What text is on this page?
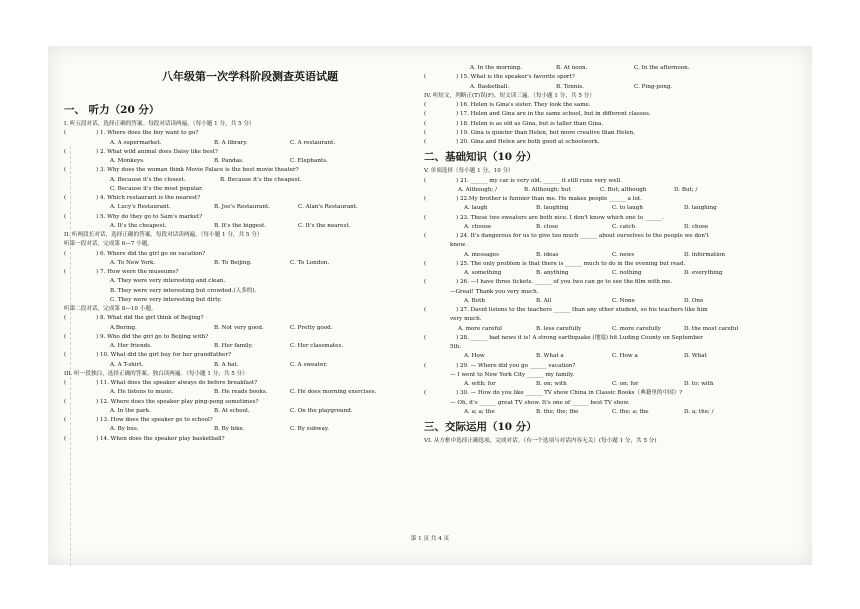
八年级第一次学科阶段测查英语试题
一、 听力（20 分）
I. 听五段对话，选择正确的答案。每段对话读两遍。（每小题 1 分，共 5 分）
(	) 1. Where does the boy want to go?
A. A supermarket.	B. A library.	C. A restaurant.
(	) 2. What wild animal does Daisy like best?
A. Monkeys.	B. Pandas.	C. Elephants.
(	) 3. Why does the woman think Movie Palace is the best movie theater?
A. Because it's the closest.	B. Because it's the cheapest.
C. Because it's the most popular.
(	) 4. Which restaurant is the nearest?
A. Lucy's Restaurant.	B. Joe's Restaurant.	C. Alan's Restaurant.
(	) 5. Why do they go to Sam's market?
A. It's the cheapest.	B. It's the biggest.	C. It's the nearest.
II. 听两段长对话，选择正确的答案。每段对话读两遍。（每小题 1 分，共 5 分）
听第一段对话，完成第 6—7 小题。
(	) 6. Where did the girl go on vacation?
A. To New York.	B. To Beijing.	C. To London.
(	) 7. How were the museums?
A. They were very interesting and clean.
B. They were very interesting but crowded.(人多的).
C. They were very interesting but dirty.
听第二段对话，完成第 8—10 小题。
(	) 8. What did the girl think of Beijing?
A.Boring.	B. Not very good.	C. Pretty good.
(	) 9. Who did the girl go to Beijing with?
A. Her friends.	B. Her family.	C. Her classmates.
(	) 10. What did the girl buy for her grandfather?
A. A T-shirt.	B. A hat.	C. A sweater.
III. 听一段独白，选择正确的答案。独白读两遍。（每小题 1 分，共 5 分）
(	) 11. What does the speaker always do before breakfast?
A. He listens to music.	B. He reads books.	C. He does morning exercises.
(	) 12. Where does the speaker play ping-pong sometimes?
A. In the park.	B. At school.	C. On the playground.
(	) 13. How does the speaker go to school?
A. By bus.	B. By bike.	C. By subway.
(	) 14. When does the speaker play basketball?
A. In the morning.	B. At noon.	C. In the afternoon.
(	) 15. What is the speaker's favorite sport?
A. Basketball.	B. Tennis.	C. Ping-pong.
IV. 听短文，判断正(T)误(F)。短文读三遍。（每小题 1 分，共 5 分）
(	) 16. Helen is Gina's sister. They look the same.
(	) 17. Helen and Gina are in the same school, but in different classes.
(	) 18. Helen is as old as Gina, but is taller than Gina.
(	) 19. Gina is quieter than Helen, but more creative than Helen.
(	) 20. Gina and Helen are both good at schoolwork.
二、基础知识（10 分）
V. 单项选择（每小题 1 分，10 分）
(	) 21. ______ my car is very old, ______ it still runs very well.
A. Although; /	B. Although; but	C. But; although	D. But; /
(	) 22.My brother is funnier than me. He makes people ______ a lot.
A. laugh	B. laughing	C. to laugh	D. laughing
(	) 23. These two sweaters are both nice. I don't know which one to ______.
A. choose	B. close	C. catch	D. chose
(	) 24. It's dangerous for us to give too much ______ about ourselves to the people we don't
know.
A. messages	B. ideas	C. news	D. information
(	) 25. The only problem is that there is ______ much to do in the evening but read.
A. something	B. anything	C. nothing	D. everything
(	) 26. —I have three tickets. ______ of you two can go to see the film with me.
—Great! Thank you very much.
A. Both	B. All	C. None	D. One
(	) 27. David listens to the teachers ______ than any other student, so his teachers like him
very much.
A. more careful	B. less carefully	C. more carefully	D. the most careful
(	) 28. ______ bad news it is! A strong earthquake (地震) hit Luding County on September
5th.
A. How	B. What a	C. How a	D. What
(	) 29. — Where did you go ______ vacation?
— I went to New York City ______ my family.
A. with; for	B. on; with	C. on; for	D. to; with
(	) 30. — How do you like ______ TV show China in Classic Books（典籍里的中国）?
— Oh, it's ______ great TV show. It's one of ______ best TV show.
A. a; a; the	B. the; the; the	C. the; a; the	D. a; the; /
三、交际运用（10 分）
VI. 从方框中选择正确选项，完成对话。（有一个选项与对话内容无关）(每小题 1 分，共 5 分)
第 1 页 共 4 页
